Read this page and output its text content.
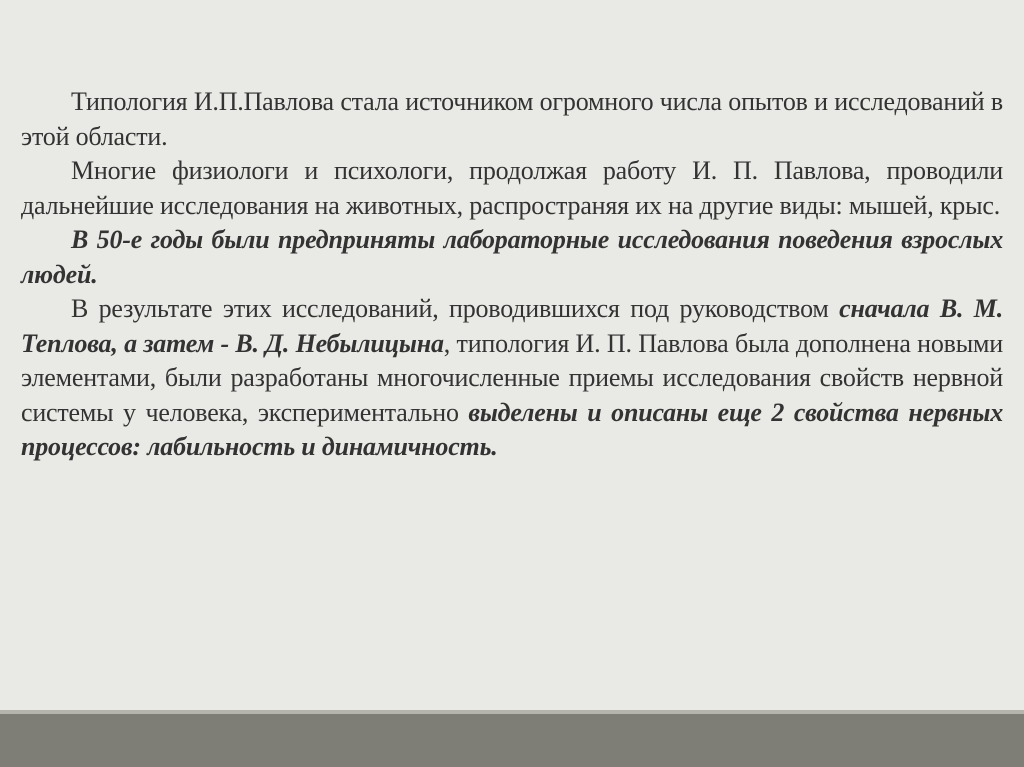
Типология И.П.Павлова стала источником огромного числа опытов и исследований в этой области.

Многие физиологи и психологи, продолжая работу И. П. Павлова, проводили дальнейшие исследования на животных, распространяя их на другие виды: мышей, крыс.

В 50-е годы были предприняты лабораторные исследования поведения взрослых людей.

В результате этих исследований, проводившихся под руководством сначала В. М. Теплова, а затем - В. Д. Небылицына, типология И. П. Павлова была дополнена новыми элементами, были разработаны многочисленные приемы исследования свойств нервной системы у человека, экспериментально выделены и описаны еще 2 свойства нервных процессов: лабильность и динамичность.
